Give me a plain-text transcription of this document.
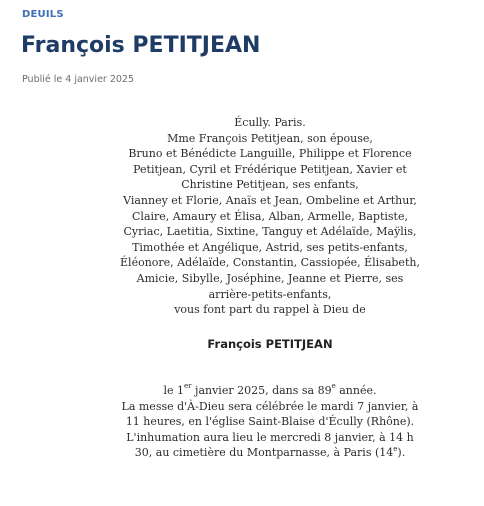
DEUILS
François PETITJEAN
Publié le 4 janvier 2025
Écully. Paris.
Mme François Petitjean, son épouse,
Bruno et Bénédicte Languille, Philippe et Florence
Petitjean, Cyril et Frédérique Petitjean, Xavier et
Christine Petitjean, ses enfants,
Vianney et Florie, Anaïs et Jean, Ombeline et Arthur,
Claire, Amaury et Élisa, Alban, Armelle, Baptiste,
Cyriac, Laetitia, Sixtine, Tanguy et Adélaïde, Maÿlis,
Timothée et Angélique, Astrid, ses petits-enfants,
Éléonore, Adélaïde, Constantin, Cassiopée, Élisabeth,
Amicie, Sibylle, Joséphine, Jeanne et Pierre, ses
arrière-petits-enfants,
vous font part du rappel à Dieu de
François PETITJEAN
le 1er janvier 2025, dans sa 89e année.
La messe d'À-Dieu sera célébrée le mardi 7 janvier, à
11 heures, en l'église Saint-Blaise d'Écully (Rhône).
L'inhumation aura lieu le mercredi 8 janvier, à 14 h
30, au cimetière du Montparnasse, à Paris (14e).
